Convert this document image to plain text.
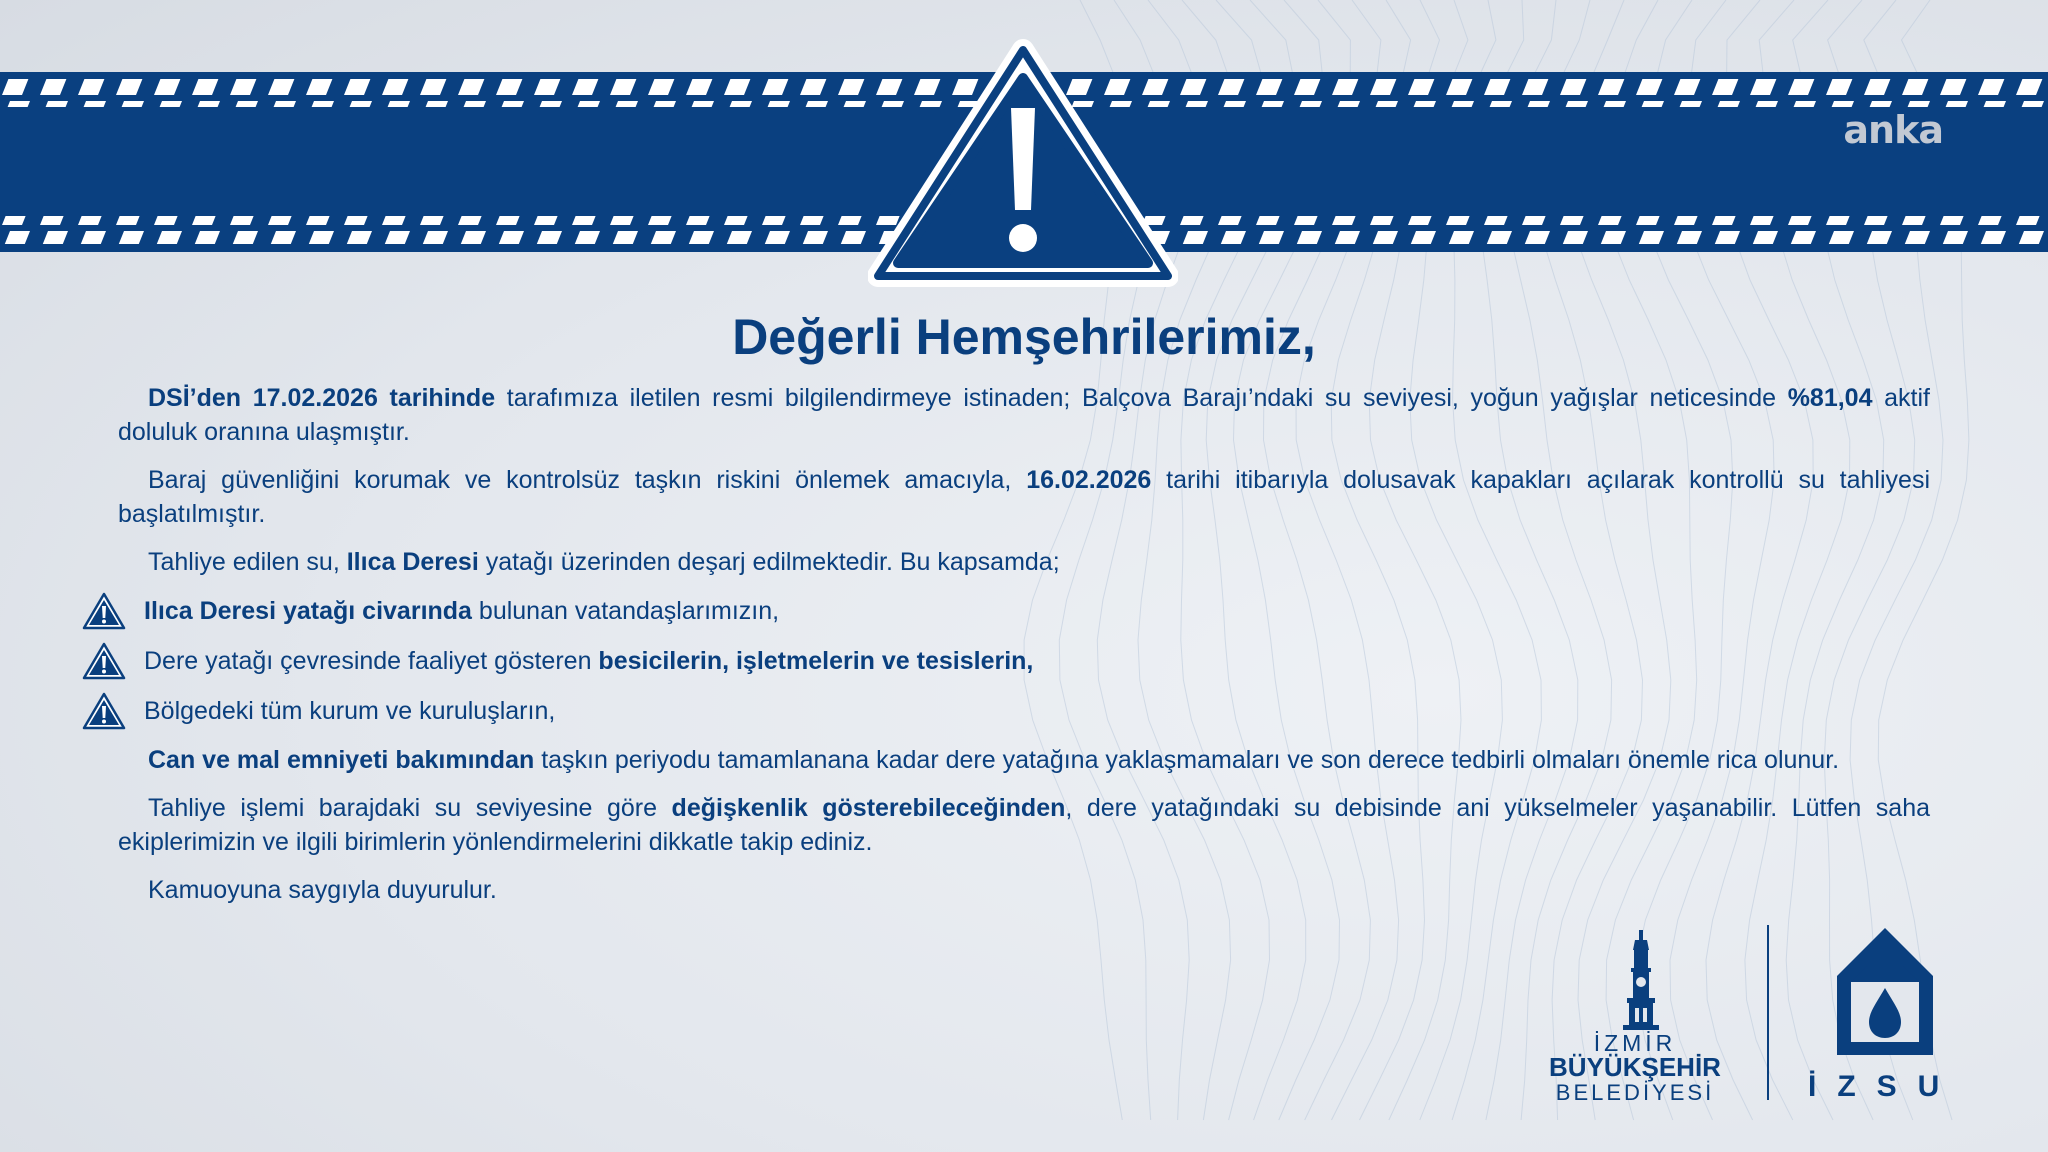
anka
Değerli Hemşehrilerimiz,

DSİ’den 17.02.2026 tarihinde tarafımıza iletilen resmi bilgilendirmeye istinaden; Balçova Barajı’ndaki su seviyesi, yoğun yağışlar neticesinde %81,04 aktif doluluk oranına ulaşmıştır.

Baraj güvenliğini korumak ve kontrolsüz taşkın riskini önlemek amacıyla, 16.02.2026 tarihi itibarıyla dolusavak kapakları açılarak kontrollü su tahliyesi başlatılmıştır.

Tahliye edilen su, Ilıca Deresi yatağı üzerinden deşarj edilmektedir. Bu kapsamda;

Ilıca Deresi yatağı civarında bulunan vatandaşlarımızın,
Dere yatağı çevresinde faaliyet gösteren besicilerin, işletmelerin ve tesislerin,
Bölgedeki tüm kurum ve kuruluşların,

Can ve mal emniyeti bakımından taşkın periyodu tamamlanana kadar dere yatağına yaklaşmamaları ve son derece tedbirli olmaları önemle rica olunur.

Tahliye işlemi barajdaki su seviyesine göre değişkenlik gösterebileceğinden, dere yatağındaki su debisinde ani yükselmeler yaşanabilir. Lütfen saha ekiplerimizin ve ilgili birimlerin yönlendirmelerini dikkatle takip ediniz.

Kamuoyuna saygıyla duyurulur.

İZMİR
BÜYÜKŞEHİR
BELEDİYESİ	İZSU
